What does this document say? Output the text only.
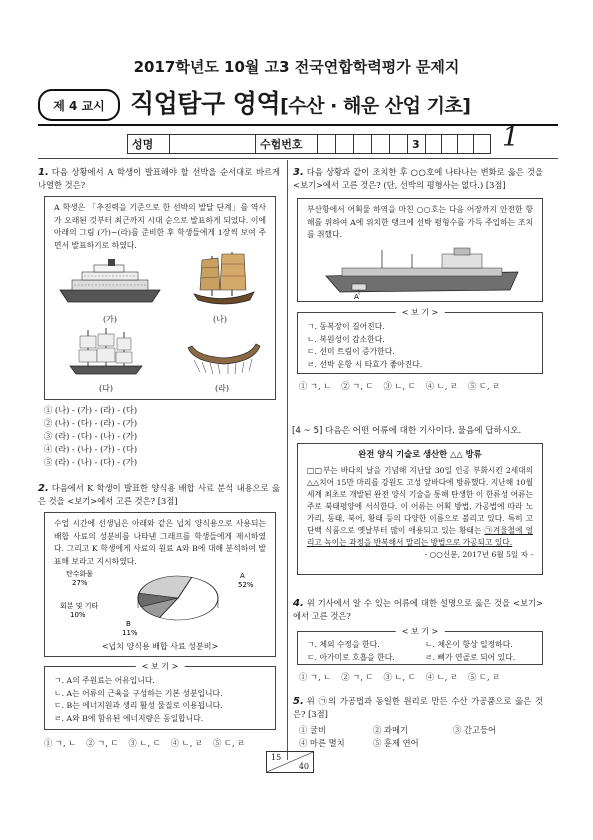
2017학년도 10월 고3 전국연합학력평가 문제지
제 4 교시	직업탐구 영역[수산 · 해운 산업 기초]
성명	수험번호	3	1
1. 다음 상황에서 A 학생이 발표해야 할 선박을 순서대로 바르게 나열한 것은?
A 학생은 「추진력을 기준으로 한 선박의 발달 단계」를 역사가 오래된 것부터 최근까지 시대 순으로 발표하게 되었다. 이에 아래의 그림 (가)~(라)를 준비한 후 학생들에게 1장씩 보여 주면서 발표하기로 하였다.
(가)	(나)
(다)	(라)
① (나) - (가) - (라) - (다)
② (나) - (다) - (라) - (가)
③ (라) - (다) - (나) - (가)
④ (라) - (나) - (가) - (다)
⑤ (라) - (나) - (다) - (가)
2. 다음에서 K 학생이 발표한 양식용 배합 사료 분석 내용으로 옳은 것을 <보기>에서 고른 것은? [3점]
수업 시간에 선생님은 아래와 같은 넙치 양식용으로 사용되는 배합 사료의 성분비를 나타낸 그래프를 학생들에게 제시하였다. 그리고 K 학생에게 사료의 원료 A와 B에 대해 분석하여 발표해 보라고 지시하였다.
탄수화물
27%
회분 및 기타
10%
B
11%
A
52%
<넙치 양식용 배합 사료 성분비>
< 보 기 >
ㄱ. A의 주원료는 어유입니다.
ㄴ. A는 어류의 근육을 구성하는 기본 성분입니다.
ㄷ. B는 에너지원과 생리 활성 물질로 이용됩니다.
ㄹ. A와 B에 함유된 에너지량은 동일합니다.
① ㄱ, ㄴ ② ㄱ, ㄷ ③ ㄴ, ㄷ ④ ㄴ, ㄹ ⑤ ㄷ, ㄹ
3. 다음 상황과 같이 조치한 후 ○○호에 나타나는 변화로 옳은 것을 <보기>에서 고른 것은? (단, 선박의 평형사는 없다.) [3점]
부산항에서 어획물 하역을 마친 ○○호는 다음 어장까지 안전한 항해를 위하여 A에 위치한 탱크에 선박 평형수를 가득 주입하는 조치를 취했다.
A
< 보 기 >
ㄱ. 동복장이 길어진다.
ㄴ. 복원성이 감소한다.
ㄷ. 선미 트림이 증가한다.
ㄹ. 선박 운항 시 타효가 좋아진다.
① ㄱ, ㄴ ② ㄱ, ㄷ ③ ㄴ, ㄷ ④ ㄴ, ㄹ ⑤ ㄷ, ㄹ
[4 ~ 5] 다음은 어떤 어류에 대한 기사이다. 물음에 답하시오.
완전 양식 기술로 생산한 △△ 방류
□□부는 바다의 날을 기념해 지난달 30일 인공 부화시킨 2세대의 △△치어 15만 마리를 강원도 고성 앞바다에 방류했다. 지난해 10월 세계 최초로 개발된 완전 양식 기술을 통해 탄생한 이 한류성 어류는 주로 북태평양에 서식한다. 이 어류는 어획 방법, 가공법에 따라 노가리, 동태, 북어, 황태 등의 다양한 이름으로 불리고 있다. 특히 고단백 식품으로 옛날부터 많이 애용되고 있는 황태는 ㉠겨울철에 얼리고 녹이는 과정을 반복해서 말리는 방법으로 가공되고 있다.
- ○○신문, 2017년 6월 5일 자 -
4. 위 기사에서 알 수 있는 어류에 대한 설명으로 옳은 것을 <보기>에서 고른 것은?
< 보 기 >
ㄱ. 체외 수정을 한다.	ㄴ. 체온이 항상 일정하다.
ㄷ. 아가미로 호흡을 한다.	ㄹ. 뼈가 연골로 되어 있다.
① ㄱ, ㄴ ② ㄱ, ㄷ ③ ㄴ, ㄷ ④ ㄴ, ㄹ ⑤ ㄷ, ㄹ
5. 위 ㉠의 가공법과 동일한 원리로 만든 수산 가공품으로 옳은 것은? [3점]
① 굴비	② 과메기	③ 간고등어
④ 마른 멸치	⑤ 훈제 연어
15
40
